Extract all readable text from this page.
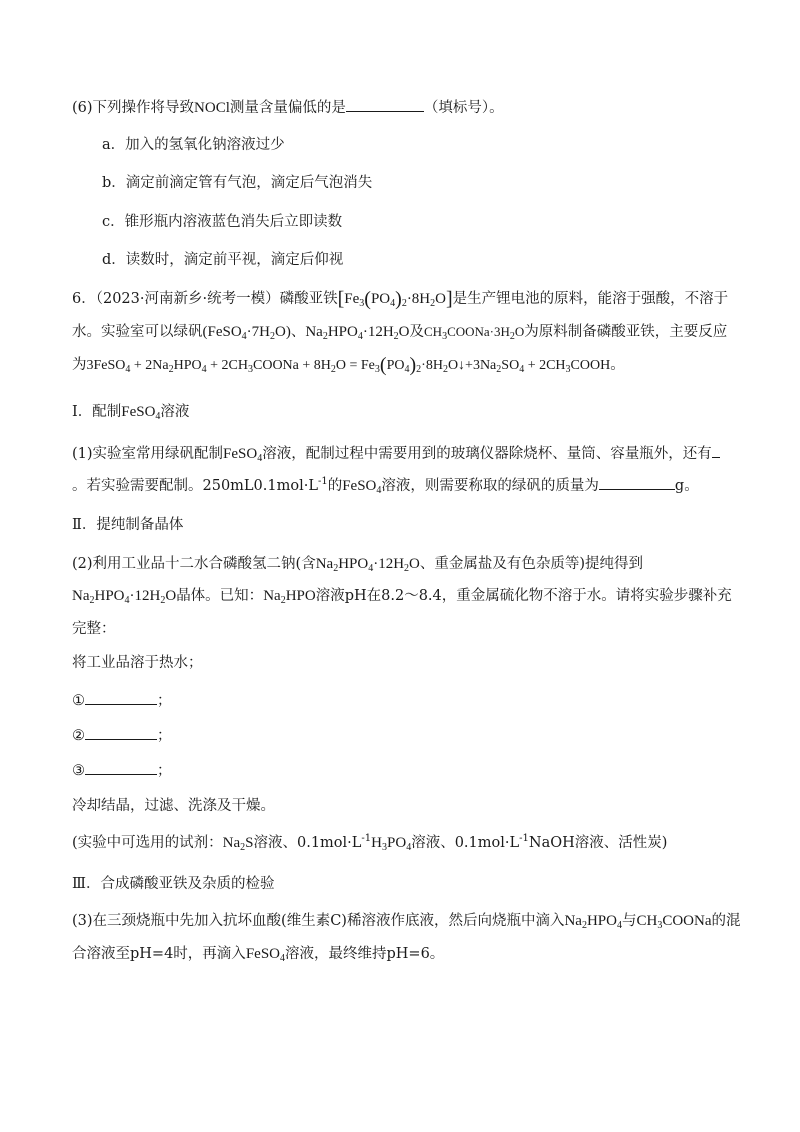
(6)下列操作将导致NOCl测量含量偏低的是	（填标号）。
a．加入的氢氧化钠溶液过少
b．滴定前滴定管有气泡，滴定后气泡消失
c．锥形瓶内溶液蓝色消失后立即读数
d．读数时，滴定前平视，滴定后仰视
6．（2023·河南新乡·统考一模）磷酸亚铁$[Fe_3(PO_4)_2\cdot 8H_2O]$是生产锂电池的原料，能溶于强酸，不溶于
水。实验室可以绿矾$(FeSO_4\cdot 7H_2O)$、$Na_2HPO_4\cdot 12H_2O$及$CH_3COONa\cdot 3H_2O$为原料制备磷酸亚铁，主要反应
为3FeSO$_4$ + $2Na_2HPO_4$ + $2CH_3COONa + 8H_2O$ = $Fe_3(PO_4)_2\cdot 8H_2O↓+3Na_2SO_4$ + $2CH_3COOH$。
I．配制FeSO$_4$溶液
(1)实验室常用绿矾配制FeSO$_4$溶液，配制过程中需要用到的玻璃仪器除烧杯、量筒、容量瓶外，还有
。若实验需要配制。$250mL0.1mol\cdot L^{-1}$的FeSO$_4$溶液，则需要称取的绿矾的质量为	g。
Ⅱ．提纯制备晶体
(2)利用工业品十二水合磷酸氢二钠(含$Na_2HPO_4\cdot 12H_2O$、重金属盐及有色杂质等)提纯得到
$Na_2HPO_4\cdot 12H_2O$晶体。已知：$Na_2HPO$溶液pH在8.2～8.4，重金属硫化物不溶于水。请将实验步骤补充
完整：
将工业品溶于热水；
①	；
②	；
③	；
冷却结晶，过滤、洗涤及干燥。
(实验中可选用的试剂：$Na_2S$溶液、$0.1mol\cdot L^{-1}H_3PO_4$溶液、$0.1mol\cdot L^{-1}NaOH$溶液、活性炭)
Ⅲ．合成磷酸亚铁及杂质的检验
(3)在三颈烧瓶中先加入抗坏血酸(维生素C)稀溶液作底液，然后向烧瓶中滴入$Na_2HPO_4$与$CH_3COONa$的混
合溶液至pH=4时，再滴入FeSO$_4$溶液，最终维持pH=6。
